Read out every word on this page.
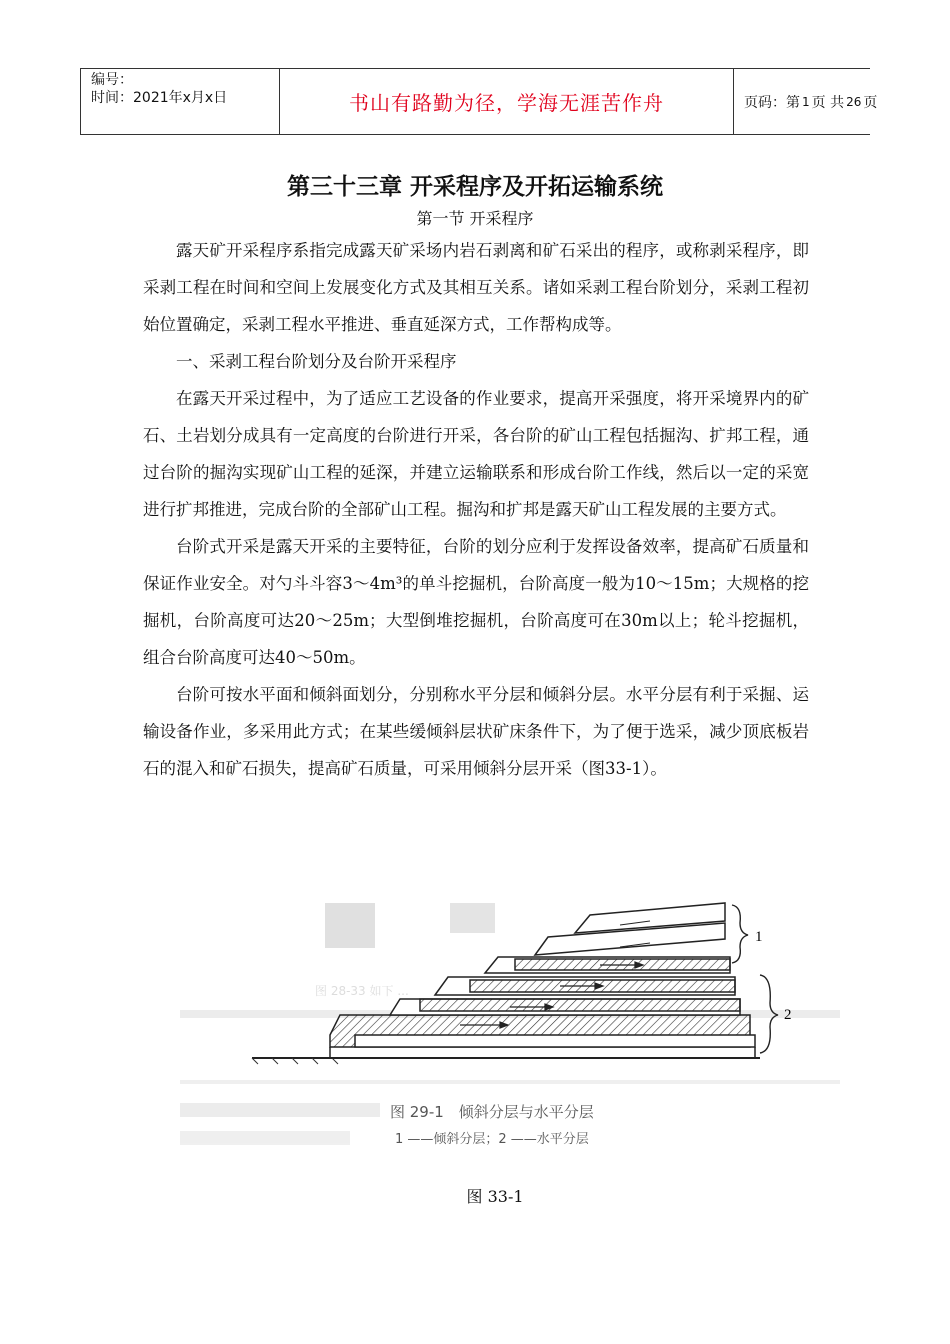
编号：
时间：2021年x月x日	书山有路勤为径，学海无涯苦作舟	页码：第 1 页 共 26 页
第三十三章 开采程序及开拓运输系统
第一节 开采程序

露天矿开采程序系指完成露天矿采场内岩石剥离和矿石采出的程序，或称剥采程序，即采剥工程在时间和空间上发展变化方式及其相互关系。诸如采剥工程台阶划分，采剥工程初始位置确定，采剥工程水平推进、垂直延深方式，工作帮构成等。

一、采剥工程台阶划分及台阶开采程序

在露天开采过程中，为了适应工艺设备的作业要求，提高开采强度，将开采境界内的矿石、土岩划分成具有一定高度的台阶进行开采，各台阶的矿山工程包括掘沟、扩邦工程，通过台阶的掘沟实现矿山工程的延深，并建立运输联系和形成台阶工作线，然后以一定的采宽进行扩邦推进，完成台阶的全部矿山工程。掘沟和扩邦是露天矿山工程发展的主要方式。

台阶式开采是露天开采的主要特征，台阶的划分应利于发挥设备效率，提高矿石质量和保证作业安全。对勺斗斗容3～4m³的单斗挖掘机，台阶高度一般为10～15m；大规格的挖掘机，台阶高度可达20～25m；大型倒堆挖掘机，台阶高度可在30m以上；轮斗挖掘机，组合台阶高度可达40～50m。

台阶可按水平面和倾斜面划分，分别称水平分层和倾斜分层。水平分层有利于采掘、运输设备作业，多采用此方式；在某些缓倾斜层状矿床条件下，为了便于选采，减少顶底板岩石的混入和矿石损失，提高矿石质量，可采用倾斜分层开采（图33-1）。

图 28-33 如下 ...
1
2
图 29-1　倾斜分层与水平分层
1 ——倾斜分层；2 ——水平分层
图 33-1
